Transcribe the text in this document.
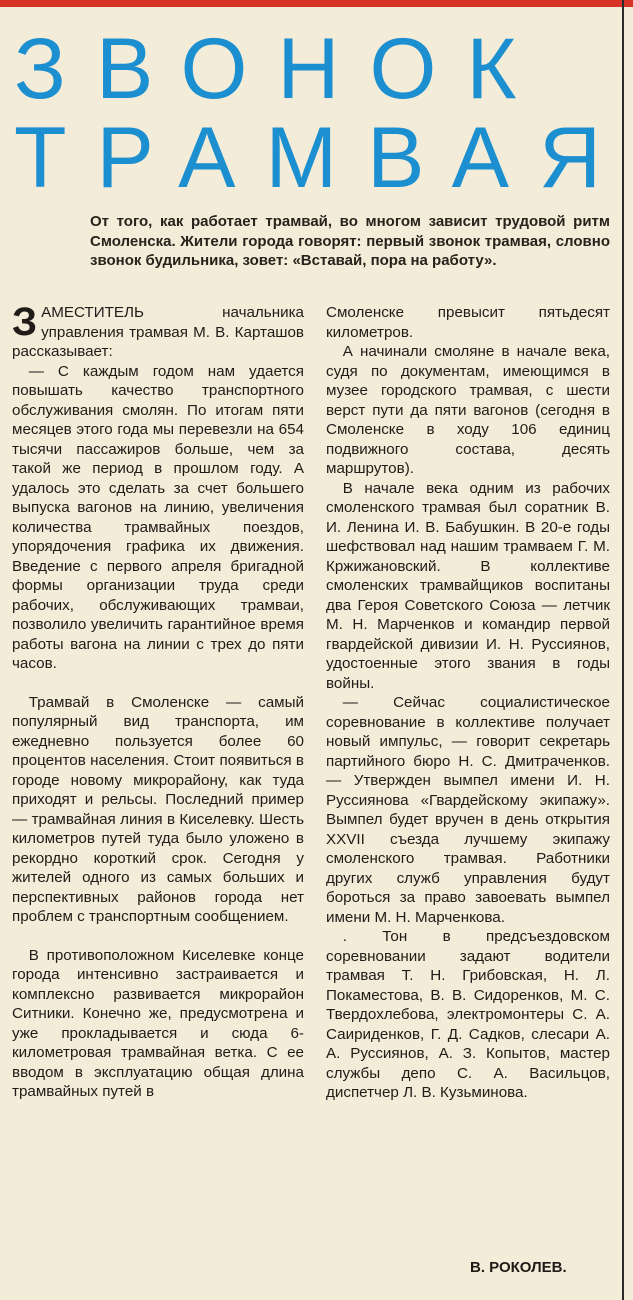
ЗВОНОК
ТРАМВАЯ

От того, как работает трамвай, во многом зависит трудовой ритм Смоленска. Жители города говорят: первый звонок трамвая, словно звонок будильника, зовет: «Вставай, пора на работу».

ЗАМЕСТИТЕЛЬ начальника управления трамвая М. В. Карташов рассказывает:

— С каждым годом нам удается повышать качество транспортного обслуживания смолян. По итогам пяти месяцев этого года мы перевезли на 654 тысячи пассажиров больше, чем за такой же период в прошлом году. А удалось это сделать за счет большего выпуска вагонов на линию, увеличения количества трамвайных поездов, упорядочения графика их движения. Введение с первого апреля бригадной формы организации труда среди рабочих, обслуживающих трамваи, позволило увеличить гарантийное время работы вагона на линии с трех до пяти часов.

Трамвай в Смоленске — самый популярный вид транспорта, им ежедневно пользуется более 60 процентов населения. Стоит появиться в городе новому микрорайону, как туда приходят и рельсы. Последний пример — трамвайная линия в Киселевку. Шесть километров путей туда было уложено в рекордно короткий срок. Сегодня у жителей одного из самых больших и перспективных районов города нет проблем с транспортным сообщением.

В противоположном Киселевке конце города интенсивно застраивается и комплексно развивается микрорайон Ситники. Конечно же, предусмотрена и уже прокладывается и сюда 6-километровая трамвайная ветка. С ее вводом в эксплуатацию общая длина трамвайных путей в

Смоленске превысит пятьдесят километров.

А начинали смоляне в начале века, судя по документам, имеющимся в музее городского трамвая, с шести верст пути да пяти вагонов (сегодня в Смоленске в ходу 106 единиц подвижного состава, десять маршрутов).

В начале века одним из рабочих смоленского трамвая был соратник В. И. Ленина И. В. Бабушкин. В 20-е годы шефствовал над нашим трамваем Г. М. Кржижановский. В коллективе смоленских трамвайщиков воспитаны два Героя Советского Союза — летчик М. Н. Марченков и командир первой гвардейской дивизии И. Н. Руссиянов, удостоенные этого звания в годы войны.

— Сейчас социалистическое соревнование в коллективе получает новый импульс, — говорит секретарь партийного бюро Н. С. Дмитраченков. — Утвержден вымпел имени И. Н. Руссиянова «Гвардейскому экипажу». Вымпел будет вручен в день открытия XXVII съезда лучшему экипажу смоленского трамвая. Работники других служб управления будут бороться за право завоевать вымпел имени М. Н. Марченкова.

. Тон в предсъездовском соревновании задают водители трамвая Т. Н. Грибовская, Н. Л. Покаместова, В. В. Сидоренков, М. С. Твердохлебова, электромонтеры С. А. Саириденков, Г. Д. Садков, слесари А. А. Руссиянов, А. З. Копытов, мастер службы депо С. А. Васильцов, диспетчер Л. В. Кузьминова.

В. РОКОЛЕВ.
